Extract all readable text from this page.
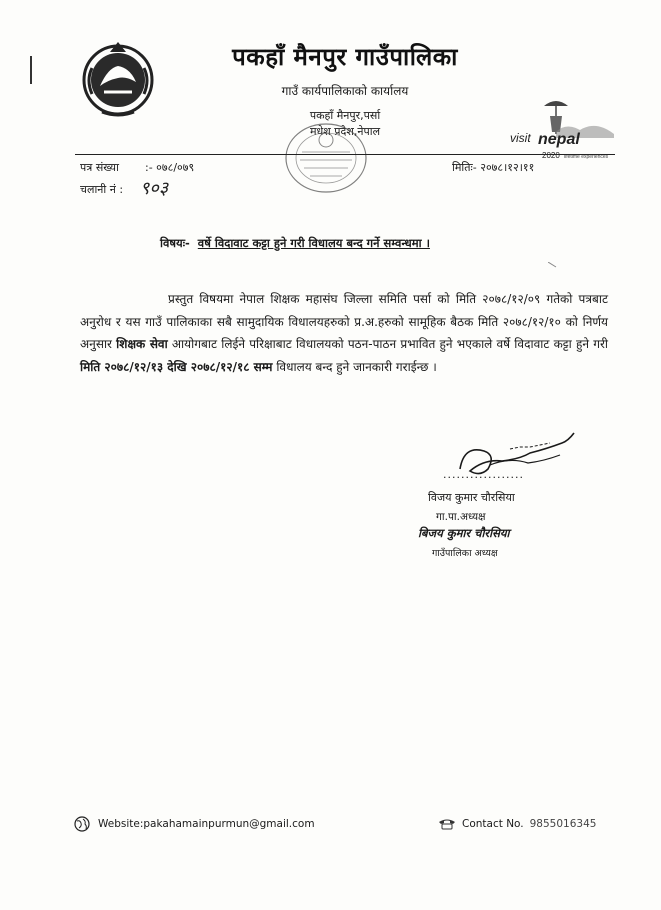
पकहाँ मैनपुर गाउँपालिका
गाउँ कार्यपालिकाको कार्यालय
पकहाँ मैनपुर,पर्सा
मधेश प्रदेश,नेपाल	visit nepal
2020 lifetime experiences
पत्र संख्या :- ०७८/०७९
चलानी नं : ९०३
मितिः- २०७८।१२।११
विषयः- वर्षे विदावाट कट्टा हुने गरी विधालय बन्द गर्ने सम्वन्धमा ।
प्रस्तुत विषयमा नेपाल शिक्षक महासंघ जिल्ला समिति पर्सा को मिति २०७८/१२/०९ गतेको पत्रबाट अनुरोध र यस गाउँ पालिकाका सबै सामुदायिक विधालयहरुको प्र.अ.हरुको सामूहिक बैठक मिति २०७८/१२/१० को निर्णय अनुसार शिक्षक सेवा आयोगबाट लिईने परिक्षाबाट विधालयको पठन-पाठन प्रभावित हुने भएकाले वर्षे विदावाट कट्टा हुने गरी मिति २०७८/१२/१३ देखि २०७८/१२/१८ सम्म विधालय बन्द हुने जानकारी गराईन्छ ।
..................
विजय कुमार चौरसिया
गा.पा.अध्यक्ष
बिजय कुमार चौरसिया
गाउँपालिका अध्यक्ष
Website:pakahamainpurmun@gmail.com	Contact No. 9855016345
